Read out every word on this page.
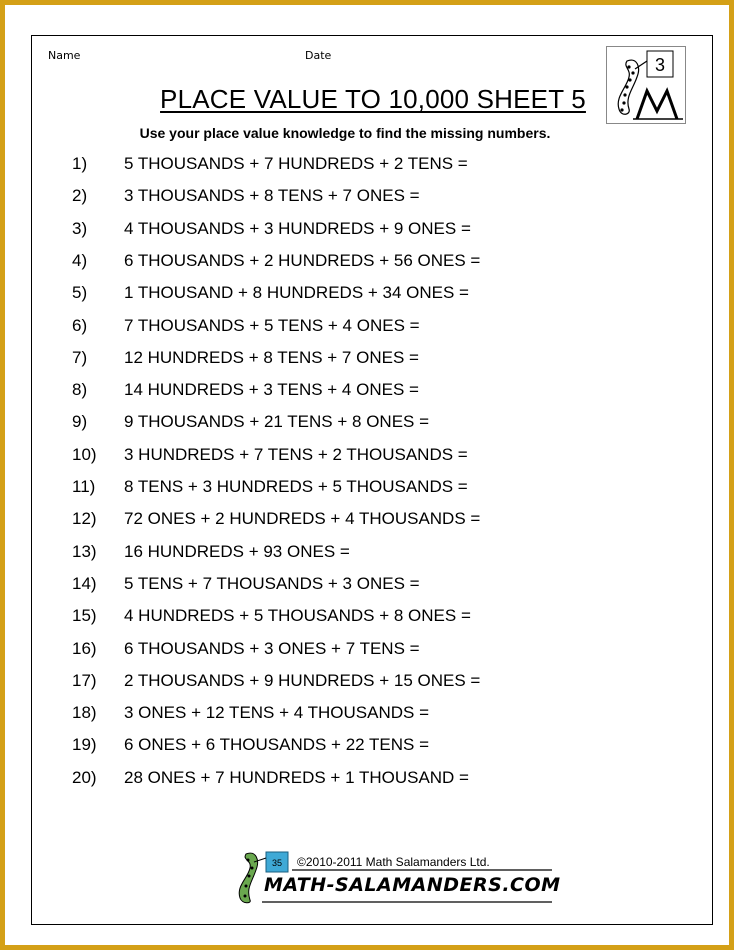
Name	Date	3
PLACE VALUE TO 10,000 SHEET 5
Use your place value knowledge to find the missing numbers.
1)	5 THOUSANDS + 7 HUNDREDS + 2 TENS =
2)	3 THOUSANDS + 8 TENS + 7 ONES =
3)	4 THOUSANDS + 3 HUNDREDS + 9 ONES =
4)	6 THOUSANDS + 2 HUNDREDS + 56 ONES =
5)	1 THOUSAND + 8 HUNDREDS + 34 ONES =
6)	7 THOUSANDS + 5 TENS + 4 ONES =
7)	12 HUNDREDS + 8 TENS + 7 ONES =
8)	14 HUNDREDS + 3 TENS + 4 ONES =
9)	9 THOUSANDS + 21 TENS + 8 ONES =
10)	3 HUNDREDS + 7 TENS + 2 THOUSANDS =
11)	8 TENS + 3 HUNDREDS + 5 THOUSANDS =
12)	72 ONES + 2 HUNDREDS + 4 THOUSANDS =
13)	16 HUNDREDS + 93 ONES =
14)	5 TENS + 7 THOUSANDS + 3 ONES =
15)	4 HUNDREDS + 5 THOUSANDS + 8 ONES =
16)	6 THOUSANDS + 3 ONES + 7 TENS =
17)	2 THOUSANDS + 9 HUNDREDS + 15 ONES =
18)	3 ONES + 12 TENS + 4 THOUSANDS =
19)	6 ONES + 6 THOUSANDS + 22 TENS =
20)	28 ONES + 7 HUNDREDS + 1 THOUSAND =
35 ©2010-2011 Math Salamanders Ltd.
MATH-SALAMANDERS.COM
